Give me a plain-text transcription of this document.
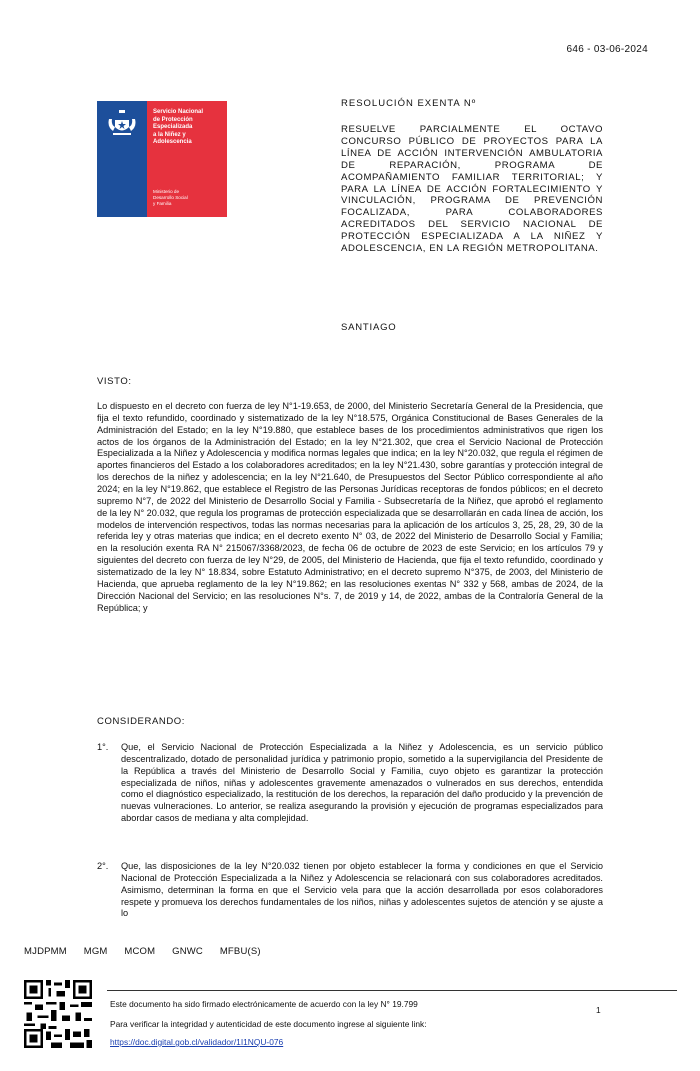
646 - 03-06-2024
Servicio Nacional
de Protección
Especializada
a la Niñez y
Adolescencia
Ministerio de
Desarrollo Social
y Familia
RESOLUCIÓN EXENTA Nº
RESUELVE PARCIALMENTE EL OCTAVO CONCURSO PÚBLICO DE PROYECTOS PARA LA LÍNEA DE ACCIÓN INTERVENCIÓN AMBULATORIA DE REPARACIÓN, PROGRAMA DE ACOMPAÑAMIENTO FAMILIAR TERRITORIAL; Y PARA LA LÍNEA DE ACCIÓN FORTALECIMIENTO Y VINCULACIÓN, PROGRAMA DE PREVENCIÓN FOCALIZADA, PARA COLABORADORES ACREDITADOS DEL SERVICIO NACIONAL DE PROTECCIÓN ESPECIALIZADA A LA NIÑEZ Y ADOLESCENCIA, EN LA REGIÓN METROPOLITANA.
SANTIAGO
VISTO:
Lo dispuesto en el decreto con fuerza de ley N°1-19.653, de 2000, del Ministerio Secretaría General de la Presidencia, que fija el texto refundido, coordinado y sistematizado de la ley N°18.575, Orgánica Constitucional de Bases Generales de la Administración del Estado; en la ley N°19.880, que establece bases de los procedimientos administrativos que rigen los actos de los órganos de la Administración del Estado; en la ley N°21.302, que crea el Servicio Nacional de Protección Especializada a la Niñez y Adolescencia y modifica normas legales que indica; en la ley N°20.032, que regula el régimen de aportes financieros del Estado a los colaboradores acreditados; en la ley N°21.430, sobre garantías y protección integral de los derechos de la niñez y adolescencia; en la ley N°21.640, de Presupuestos del Sector Público correspondiente al año 2024; en la ley N°19.862, que establece el Registro de las Personas Jurídicas receptoras de fondos públicos; en el decreto supremo N°7, de 2022 del Ministerio de Desarrollo Social y Familia - Subsecretaría de la Niñez, que aprobó el reglamento de la ley N° 20.032, que regula los programas de protección especializada que se desarrollarán en cada línea de acción, los modelos de intervención respectivos, todas las normas necesarias para la aplicación de los artículos 3, 25, 28, 29, 30 de la referida ley y otras materias que indica; en el decreto exento N° 03, de 2022 del Ministerio de Desarrollo Social y Familia; en la resolución exenta RA N° 215067/3368/2023, de fecha 06 de octubre de 2023 de este Servicio; en los artículos 79 y siguientes del decreto con fuerza de ley N°29, de 2005, del Ministerio de Hacienda, que fija el texto refundido, coordinado y sistematizado de la ley N° 18.834, sobre Estatuto Administrativo; en el decreto supremo N°375, de 2003, del Ministerio de Hacienda, que aprueba reglamento de la ley N°19.862; en las resoluciones exentas N° 332 y 568, ambas de 2024, de la Dirección Nacional del Servicio; en las resoluciones N°s. 7, de 2019 y 14, de 2022, ambas de la Contraloría General de la República; y
CONSIDERANDO:
1°. Que, el Servicio Nacional de Protección Especializada a la Niñez y Adolescencia, es un servicio público descentralizado, dotado de personalidad jurídica y patrimonio propio, sometido a la supervigilancia del Presidente de la República a través del Ministerio de Desarrollo Social y Familia, cuyo objeto es garantizar la protección especializada de niños, niñas y adolescentes gravemente amenazados o vulnerados en sus derechos, entendida como el diagnóstico especializado, la restitución de los derechos, la reparación del daño producido y la prevención de nuevas vulneraciones. Lo anterior, se realiza asegurando la provisión y ejecución de programas especializados para abordar casos de mediana y alta complejidad.
2°. Que, las disposiciones de la ley N°20.032 tienen por objeto establecer la forma y condiciones en que el Servicio Nacional de Protección Especializada a la Niñez y Adolescencia se relacionará con sus colaboradores acreditados. Asimismo, determinan la forma en que el Servicio vela para que la acción desarrollada por esos colaboradores respete y promueva los derechos fundamentales de los niños, niñas y adolescentes sujetos de atención y se ajuste a lo
MJDPMM MGM MCOM GNWC MFBU(S)
Este documento ha sido firmado electrónicamente de acuerdo con la ley N° 19.799
Para verificar la integridad y autenticidad de este documento ingrese al siguiente link:
https://doc.digital.gob.cl/validador/1I1NQU-076
1
